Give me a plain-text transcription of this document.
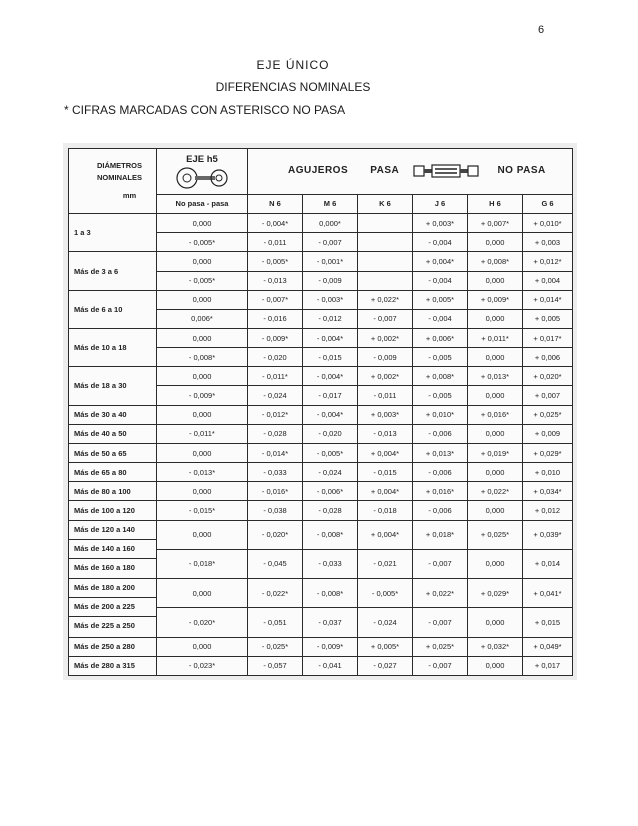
6
EJE ÚNICO
DIFERENCIAS NOMINALES
* CIFRAS MARCADAS CON ASTERISCO NO PASA
DIÁMETROS
NOMINALES
mm	EJE h5	AGUJEROS PASA NO PASA					
	No pasa - pasa	N 6	M 6	K 6	J 6	H 6	G 6
1 a 3	0,000	- 0,004*	0,000*		+ 0,003*	+ 0,007*	+ 0,010*
	- 0,005*	- 0,011	- 0,007		- 0,004	0,000	+ 0,003
Más de 3 a 6	0,000	- 0,005*	- 0,001*		+ 0,004*	+ 0,008*	+ 0,012*
	- 0,005*	- 0,013	- 0,009		- 0,004	0,000	+ 0,004
Más de 6 a 10	0,000	- 0,007*	- 0,003*	+ 0,022*	+ 0,005*	+ 0,009*	+ 0,014*
	0,006*	- 0,016	- 0,012	- 0,007	- 0,004	0,000	+ 0,005
Más de 10 a 18	0,000	- 0,009*	- 0,004*	+ 0,002*	+ 0,006*	+ 0,011*	+ 0,017*
	- 0,008*	- 0,020	- 0,015	- 0,009	- 0,005	0,000	+ 0,006
Más de 18 a 30	0,000	- 0,011*	- 0,004*	+ 0,002*	+ 0,008*	+ 0,013*	+ 0,020*
	- 0,009*	- 0,024	- 0,017	- 0,011	- 0,005	0,000	+ 0,007
Más de 30 a 40	0,000	- 0,012*	- 0,004*	+ 0,003*	+ 0,010*	+ 0,016*	+ 0,025*
Más de 40 a 50	- 0,011*	- 0,028	- 0,020	- 0,013	- 0,006	0,000	+ 0,009
Más de 50 a 65	0,000	- 0,014*	- 0,005*	+ 0,004*	+ 0,013*	+ 0,019*	+ 0,029*
Más de 65 a 80	- 0,013*	- 0,033	- 0,024	- 0,015	- 0,006	0,000	+ 0,010
Más de 80 a 100	0,000	- 0,016*	- 0,006*	+ 0,004*	+ 0,016*	+ 0,022*	+ 0,034*
Más de 100 a 120	- 0,015*	- 0,038	- 0,028	- 0,018	- 0,006	0,000	+ 0,012

Más de 120 a 140
Más de 140 a 160
Más de 160 a 180	0,000	- 0,020*	- 0,008*	+ 0,004*	+ 0,018*	+ 0,025*	+ 0,039*
	- 0,018*	- 0,045	- 0,033	- 0,021	- 0,007	0,000	+ 0,014

Más de 180 a 200
Más de 200 a 225
Más de 225 a 250	0,000	- 0,022*	- 0,008*	- 0,005*	+ 0,022*	+ 0,029*	+ 0,041*
	- 0,020*	- 0,051	- 0,037	- 0,024	- 0,007	0,000	+ 0,015
Más de 250 a 280	0,000	- 0,025*	- 0,009*	+ 0,005*	+ 0,025*	+ 0,032*	+ 0,049*
Más de 280 a 315	- 0,023*	- 0,057	- 0,041	- 0,027	- 0,007	0,000	+ 0,017
